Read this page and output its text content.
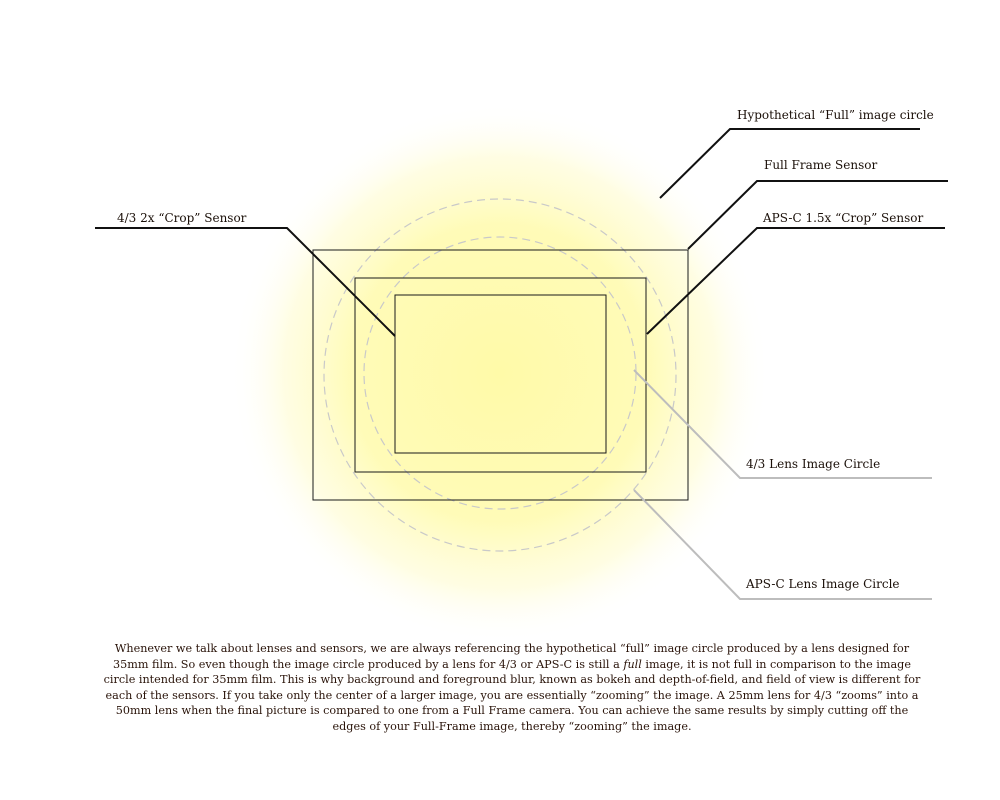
Hypothetical “Full” image circle
Full Frame Sensor
4/3 2x “Crop” Sensor	APS-C 1.5x “Crop” Sensor
4/3 Lens Image Circle
APS-C Lens Image Circle

Whenever we talk about lenses and sensors, we are always referencing the hypothetical “full” image circle produced by a lens designed for 35mm film. So even though the image circle produced by a lens for 4/3 or APS-C is still a full image, it is not full in comparison to the image circle intended for 35mm film. This is why background and foreground blur, known as bokeh and depth-of-field, and field of view is different for each of the sensors. If you take only the center of a larger image, you are essentially “zooming” the image. A 25mm lens for 4/3 “zooms” into a 50mm lens when the final picture is compared to one from a Full Frame camera. You can achieve the same results by simply cutting off the edges of your Full-Frame image, thereby “zooming” the image.
